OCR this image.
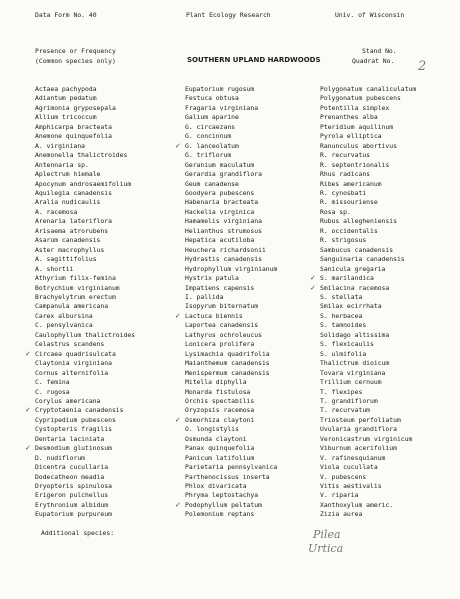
Data Form No. 40	Plant Ecology Research	Univ. of Wisconsin
Presence or Frequency
(Common species only)	SOUTHERN UPLAND HARDWOODS
Stand No.
Quadrat No. 2
Actaea pachypoda
Adiantum pedatum
Agrimonia gryposepala
Allium tricoccum
Amphicarpa bracteata
Anemone quinquefolia
A. virginiana
Anemonella thalictroides
Antennaria sp.
Aplectrum hiemale
Apocynum androsaemifolium
Aquilegia canadensis
Aralia nudicaulis
A. racemosa
Arenaria lateriflora
Arisaema atrorubens
Asarum canadensis
Aster macrophyllus
A. sagittifolius
A. shortii
Athyrium filix-femina
Botrychium virginianum
Brachyelytrum erectum
Campanula americana
Carex albursina
C. pensylvanica
Caulophyllum thalictroides
Celastrus scandens
✓ Circaea quadrisulcata
Claytonia virginiana
Cornus alternifolia
C. femina
C. rugosa
Corylus americana
✓ Cryptotaenia canadensis
Cypripedium pubescens
Cystopteris fragilis
Dentaria laciniata
✓ Desmodium glutinosum
D. nudiflorum
Dicentra cucullaria
Dodecatheon meadia
Dryopteris spinulosa
Erigeron pulchellus
Erythronium albidum
Eupatorium purpureum
Eupatorium rugosum
Festuca obtusa
Fragaria virginiana
Galium aparine
G. circaezans
G. concinnum
✓ G. lanceolatum
G. triflorum
Geranium maculatum
Gerardia grandiflora
Geum canadense
Goodyera pubescens
Habenaria bracteata
Hackelia virginica
Hamamelis virginiana
Helianthus strumosus
Hepatica acutiloba
Heuchera richardsonii
Hydrastis canadensis
Hydrophyllum virginianum
Hystrix patula
Impatiens capensis
I. pallida
Isopyrum biternatum
✓ Lactuca biennis
Laportea canadensis
Lathyrus ochroleucus
Lonicera prolifera
Lysimachia quadrifolia
Maianthemum canadensis
Menispermum canadensis
Mitella diphylla
Monarda fistulosa
Orchis spectabilis
Oryzopsis racemosa
✓ Osmorhiza claytoni
O. longistylis
Osmunda claytoni
Panax quinquefolia
Panicum latifolium
Parietaria pennsylvanica
Parthenocissus inserta
Phlox divaricata
Phryma leptostachya
✓ Podophyllum peltatum
Polemonium reptans
Polygonatum canaliculatum
Polygonatum pubescens
Potentilla simplex
Prenanthes alba
Pteridium aquilinum
Pyrola elliptica
Ranunculus abortivus
R. recurvatus
R. septentrionalis
Rhus radicans
Ribes americanum
R. cynosbati
R. missouriense
Rosa sp.
Rubus allegheniensis
R. occidentalis
R. strigosus
Sambucus canadensis
Sanguinaria canadensis
Sanicula gregaria
✓ S. marilandica
✓ Smilacina racemosa
S. stellata
Smilax ecirrhata
S. herbacea
S. tamnoides
Solidago altissima
S. flexicaulis
S. ulmifolia
Thalictrum dioicum
Tovara virginiana
Trillium cernuum
T. flexipes
T. grandiflorum
T. recurvatum
Triosteum perfoliatum
Uvularia grandiflora
Veronicastrum virginicum
Viburnum acerifolium
V. rafinesquianum
Viola cucullata
V. pubescens
Vitis aestivalis
V. riparia
Xanthoxylum americ.
Zizia aurea
Additional species:	Pilea
Urtica
